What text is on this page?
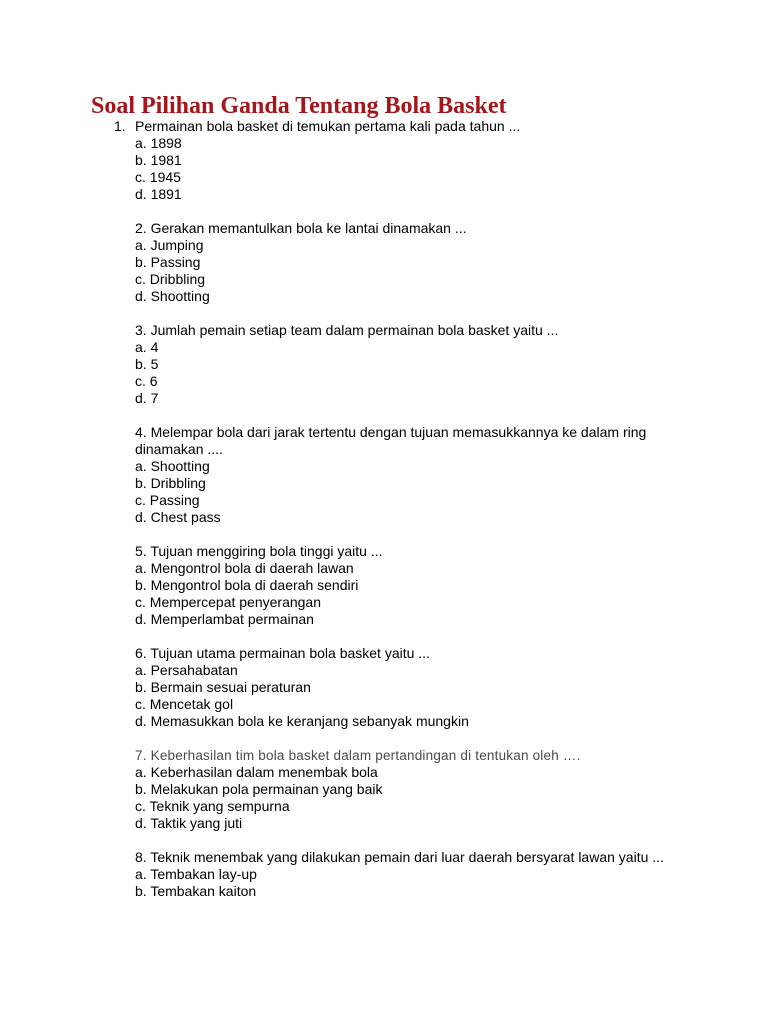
Soal Pilihan Ganda Tentang Bola Basket
1. Permainan bola basket di temukan pertama kali pada tahun ...
a. 1898
b. 1981
c. 1945
d. 1891
2. Gerakan memantulkan bola ke lantai dinamakan ...
a. Jumping
b. Passing
c. Dribbling
d. Shootting
3. Jumlah pemain setiap team dalam permainan bola basket yaitu ...
a. 4
b. 5
c. 6
d. 7
4. Melempar bola dari jarak tertentu dengan tujuan memasukkannya ke dalam ring dinamakan ....
a. Shootting
b. Dribbling
c. Passing
d. Chest pass
5. Tujuan menggiring bola tinggi yaitu ...
a. Mengontrol bola di daerah lawan
b. Mengontrol bola di daerah sendiri
c. Mempercepat penyerangan
d. Memperlambat permainan
6. Tujuan utama permainan bola basket yaitu ...
a. Persahabatan
b. Bermain sesuai peraturan
c. Mencetak gol
d. Memasukkan bola ke keranjang sebanyak mungkin
7. Keberhasilan tim bola basket dalam pertandingan di tentukan oleh ….
a. Keberhasilan dalam menembak bola
b. Melakukan pola permainan yang baik
c. Teknik yang sempurna
d. Taktik yang juti
8. Teknik menembak yang dilakukan pemain dari luar daerah bersyarat lawan yaitu ...
a. Tembakan lay-up
b. Tembakan kaiton
